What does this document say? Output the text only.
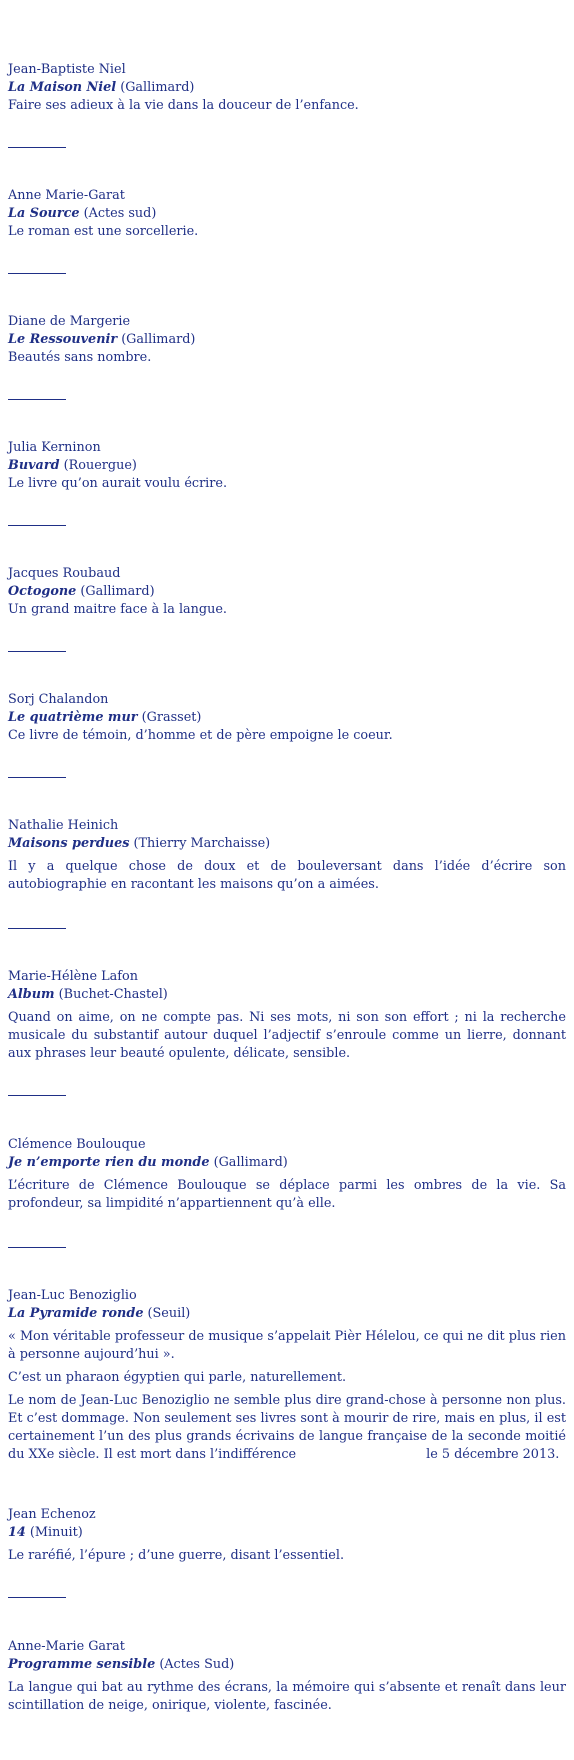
Jean-Baptiste Niel
La Maison Niel (Gallimard)
Faire ses adieux à la vie dans la douceur de l’enfance.
Anne Marie-Garat
La Source (Actes sud)
Le roman est une sorcellerie.
Diane de Margerie
Le Ressouvenir (Gallimard)
Beautés sans nombre.
Julia Kerninon
Buvard (Rouergue)
Le livre qu’on aurait voulu écrire.
Jacques Roubaud
Octogone (Gallimard)
Un grand maitre face à la langue.
Sorj Chalandon
Le quatrième mur (Grasset)
Ce livre de témoin, d’homme et de père empoigne le coeur.
Nathalie Heinich
Maisons perdues (Thierry Marchaisse)

Il y a quelque chose de doux et de bouleversant dans l’idée d’écrire son autobiographie en racontant les maisons qu’on a aimées.

Marie-Hélène Lafon
Album (Buchet-Chastel)

Quand on aime, on ne compte pas. Ni ses mots, ni son son effort ; ni la recherche musicale du substantif autour duquel l’adjectif s’enroule comme un lierre, donnant aux phrases leur beauté opulente, délicate, sensible.

Clémence Boulouque
Je n’emporte rien du monde (Gallimard)

L’écriture de Clémence Boulouque se déplace parmi les ombres de la vie. Sa profondeur, sa limpidité n’appartiennent qu’à elle.

Jean-Luc Benoziglio
La Pyramide ronde (Seuil)

« Mon véritable professeur de musique s’appelait Pièr Hélelou, ce qui ne dit plus rien à personne aujourd’hui ».

C’est un pharaon égyptien qui parle, naturellement.

Le nom de Jean-Luc Benoziglio ne semble plus dire grand-chose à personne non plus. Et c’est dommage. Non seulement ses livres sont à mourir de rire, mais en plus, il est certainement l’un des plus grands écrivains de langue française de la seconde moitié du XXe siècle. Il est mort dans l’indifférence	le 5 décembre 2013.

Jean Echenoz
14 (Minuit)

Le raréfié, l’épure ; d’une guerre, disant l’essentiel.

Anne-Marie Garat
Programme sensible (Actes Sud)

La langue qui bat au rythme des écrans, la mémoire qui s’absente et renaît dans leur scintillation de neige, onirique, violente, fascinée.
